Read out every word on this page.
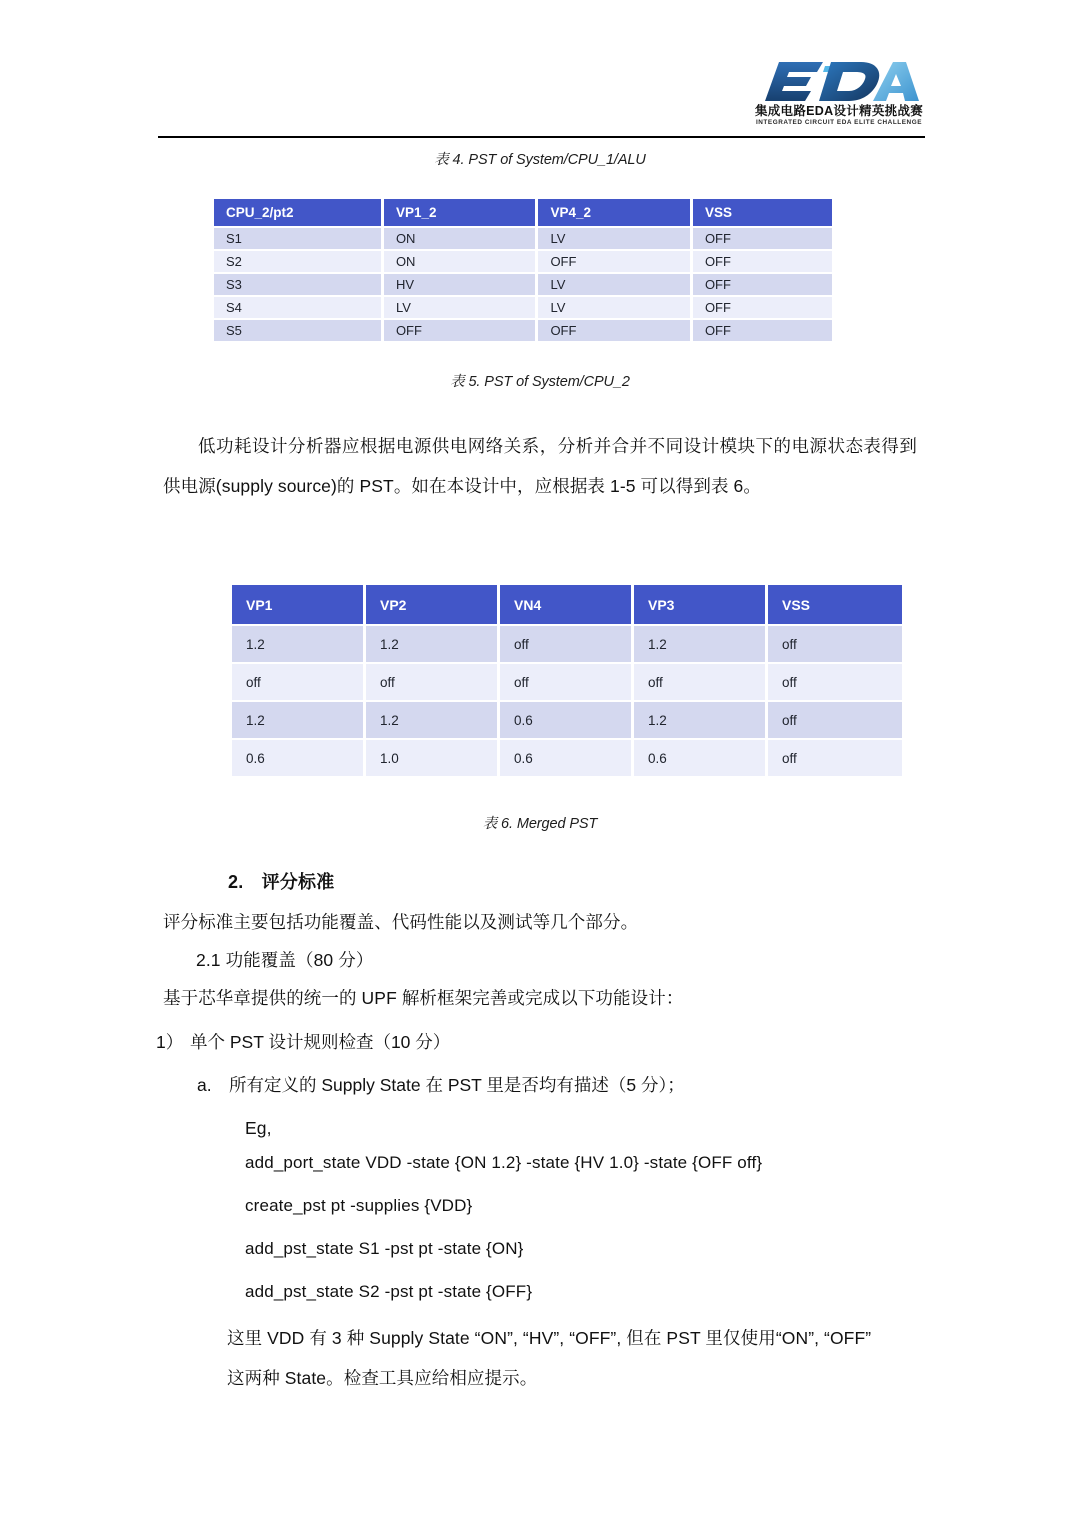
集成电路EDA设计精英挑战赛
INTEGRATED CIRCUIT EDA ELITE CHALLENGE
表 4. PST of System/CPU_1/ALU
CPU_2/pt2	VP1_2	VP4_2	VSS
S1	ON	LV	OFF
S2	ON	OFF	OFF
S3	HV	LV	OFF
S4	LV	LV	OFF
S5	OFF	OFF	OFF
表 5. PST of System/CPU_2
低功耗设计分析器应根据电源供电网络关系，分析并合并不同设计模块下的电源状态表得到供电源(supply source)的 PST。如在本设计中，应根据表 1-5 可以得到表 6。
VP1	VP2	VN4	VP3	VSS
1.2	1.2	off	1.2	off
off	off	off	off	off
1.2	1.2	0.6	1.2	off
0.6	1.0	0.6	0.6	off
表 6. Merged PST
2.　评分标准
评分标准主要包括功能覆盖、代码性能以及测试等几个部分。
2.1 功能覆盖（80 分）
基于芯华章提供的统一的 UPF 解析框架完善或完成以下功能设计：
1） 单个 PST 设计规则检查（10 分）
a. 所有定义的 Supply State 在 PST 里是否均有描述（5 分）；
Eg,
add_port_state VDD -state {ON 1.2} -state {HV 1.0} -state {OFF off}
create_pst pt -supplies {VDD}
add_pst_state S1 -pst pt -state {ON}
add_pst_state S2 -pst pt -state {OFF}
这里 VDD 有 3 种 Supply State “ON”, “HV”, “OFF”, 但在 PST 里仅使用“ON”, “OFF”
这两种 State。检查工具应给相应提示。
